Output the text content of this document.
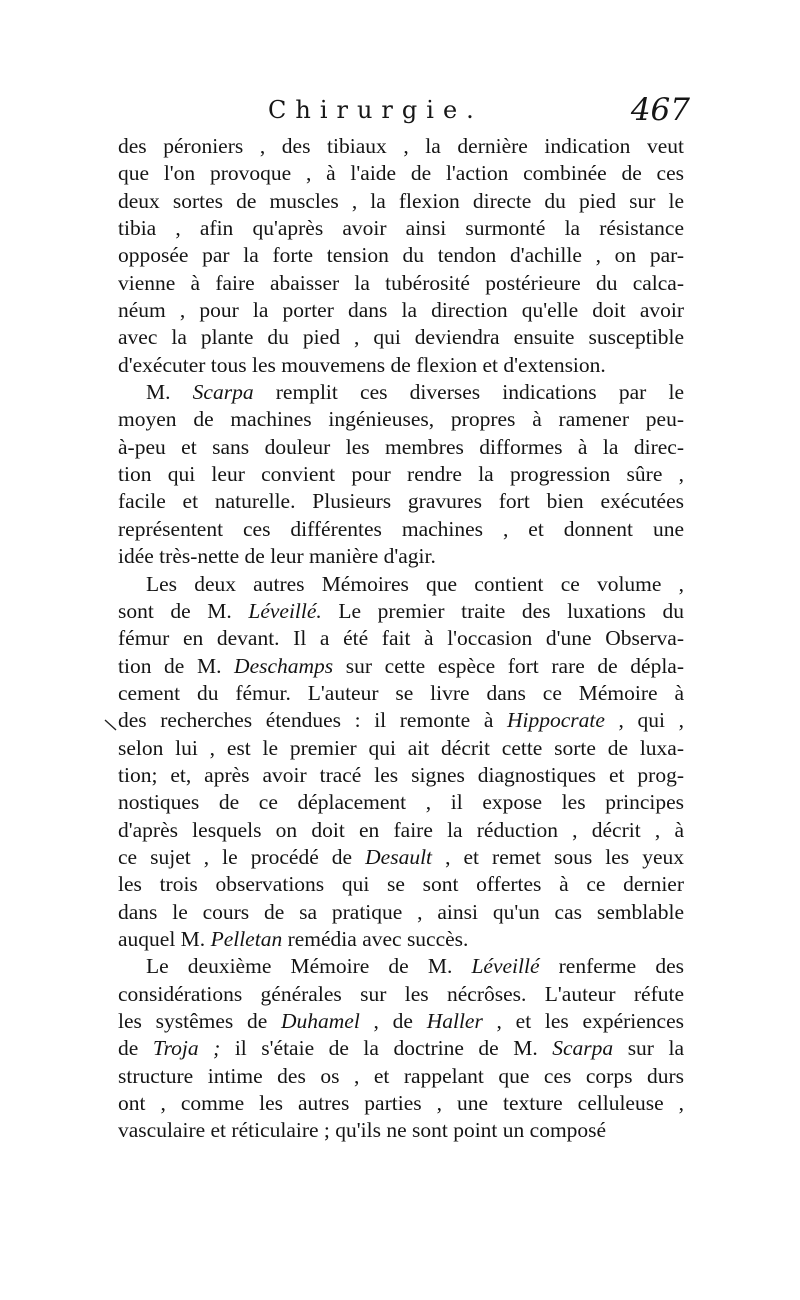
Chirurgie.	467
des péroniers , des tibiaux , la dernière indication veut
que l'on provoque , à l'aide de l'action combinée de ces
deux sortes de muscles , la flexion directe du pied sur le
tibia , afin qu'après avoir ainsi surmonté la résistance
opposée par la forte tension du tendon d'achille , on par-
vienne à faire abaisser la tubérosité postérieure du calca-
néum , pour la porter dans la direction qu'elle doit avoir
avec la plante du pied , qui deviendra ensuite susceptible
d'exécuter tous les mouvemens de flexion et d'extension.
M. Scarpa remplit ces diverses indications par le
moyen de machines ingénieuses, propres à ramener peu-
à-peu et sans douleur les membres difformes à la direc-
tion qui leur convient pour rendre la progression sûre ,
facile et naturelle. Plusieurs gravures fort bien exécutées
représentent ces différentes machines , et donnent une
idée très-nette de leur manière d'agir.
Les deux autres Mémoires que contient ce volume ,
sont de M. Léveillé. Le premier traite des luxations du
fémur en devant. Il a été fait à l'occasion d'une Observa-
tion de M. Deschamps sur cette espèce fort rare de dépla-
cement du fémur. L'auteur se livre dans ce Mémoire à
des recherches étendues : il remonte à Hippocrate , qui ,
selon lui , est le premier qui ait décrit cette sorte de luxa-
tion; et, après avoir tracé les signes diagnostiques et prog-
nostiques de ce déplacement , il expose les principes
d'après lesquels on doit en faire la réduction , décrit , à
ce sujet , le procédé de Desault , et remet sous les yeux
les trois observations qui se sont offertes à ce dernier
dans le cours de sa pratique , ainsi qu'un cas semblable
auquel M. Pelletan remédia avec succès.
Le deuxième Mémoire de M. Léveillé renferme des
considérations générales sur les nécrôses. L'auteur réfute
les systêmes de Duhamel , de Haller , et les expériences
de Troja ; il s'étaie de la doctrine de M. Scarpa sur la
structure intime des os , et rappelant que ces corps durs
ont , comme les autres parties , une texture celluleuse ,
vasculaire et réticulaire ; qu'ils ne sont point un composé
